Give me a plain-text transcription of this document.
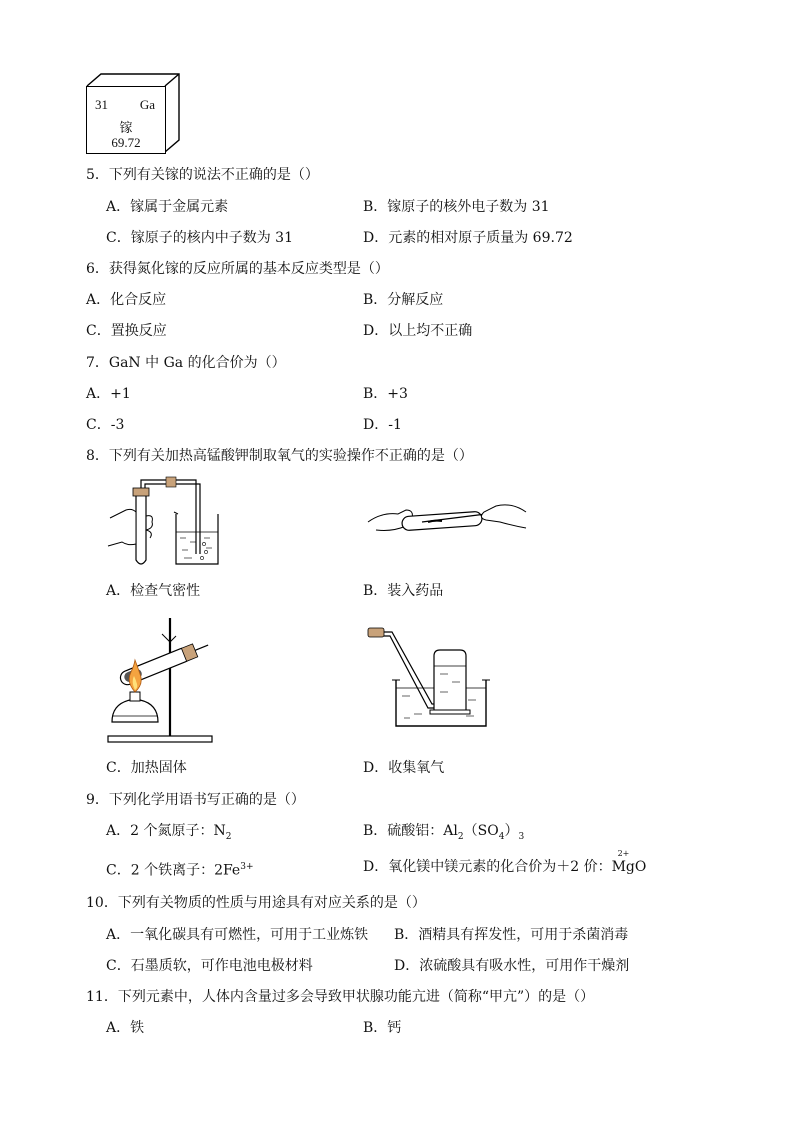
31 Ga
镓
69.72
5．下列有关镓的说法不正确的是（）
A．镓属于金属元素	B．镓原子的核外电子数为 31
C．镓原子的核内中子数为 31	D．元素的相对原子质量为 69.72
6．获得氮化镓的反应所属的基本反应类型是（）
A．化合反应	B．分解反应
C．置换反应	D．以上均不正确
7．GaN 中 Ga 的化合价为（）
A．+1	B．+3
C．-3	D．-1
8．下列有关加热高锰酸钾制取氧气的实验操作不正确的是（）
A．检查气密性	B．装入药品
C．加热固体	D．收集氧气
9．下列化学用语书写正确的是（）
A．2 个氮原子：$N_2$	B．硫酸铝：$Al_2(SO_4)_3$
C．2 个铁离子：$2Fe^{3+}$	D．氧化镁中镁元素的化合价为＋2 价：
2+
MgO
10．下列有关物质的性质与用途具有对应关系的是（）
A．一氧化碳具有可燃性，可用于工业炼铁 B．酒精具有挥发性，可用于杀菌消毒
C．石墨质软，可作电池电极材料	D．浓硫酸具有吸水性，可用作干燥剂
11．下列元素中，人体内含量过多会导致甲状腺功能亢进（简称“甲亢”）的是（）
A．铁	B．钙
